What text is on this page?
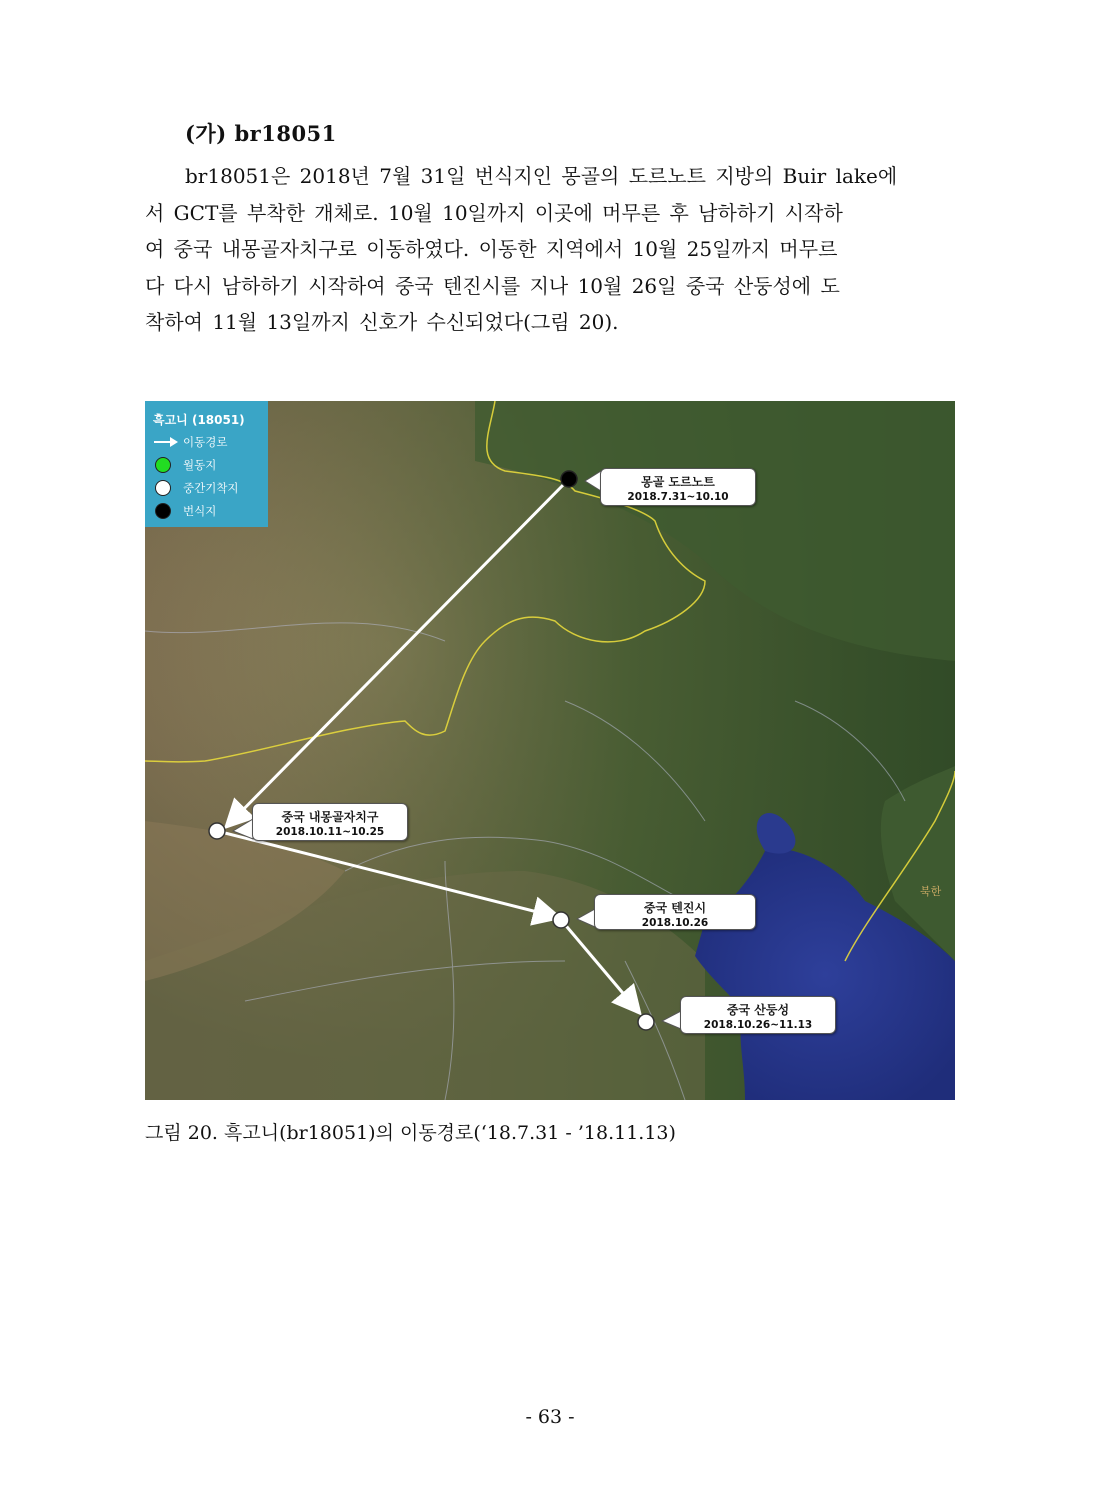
(가) br18051

br18051은 2018년 7월 31일 번식지인 몽골의 도르노트 지방의 Buir lake에
서 GCT를 부착한 개체로. 10월 10일까지 이곳에 머무른 후 남하하기 시작하
여 중국 내몽골자치구로 이동하였다. 이동한 지역에서 10월 25일까지 머무르
다 다시 남하하기 시작하여 중국 텐진시를 지나 10월 26일 중국 산둥성에 도
착하여 11월 13일까지 신호가 수신되었다(그림 20).

흑고니 (18051)
이동경로
월동지
중간기착지
번식지
몽골 도르노트
2018.7.31~10.10
중국 내몽골자치구
2018.10.11~10.25
중국 텐진시
2018.10.26
중국 산둥성
2018.10.26~11.13
북한
그림 20. 흑고니(br18051)의 이동경로(‘18.7.31 - ’18.11.13)
- 63 -
